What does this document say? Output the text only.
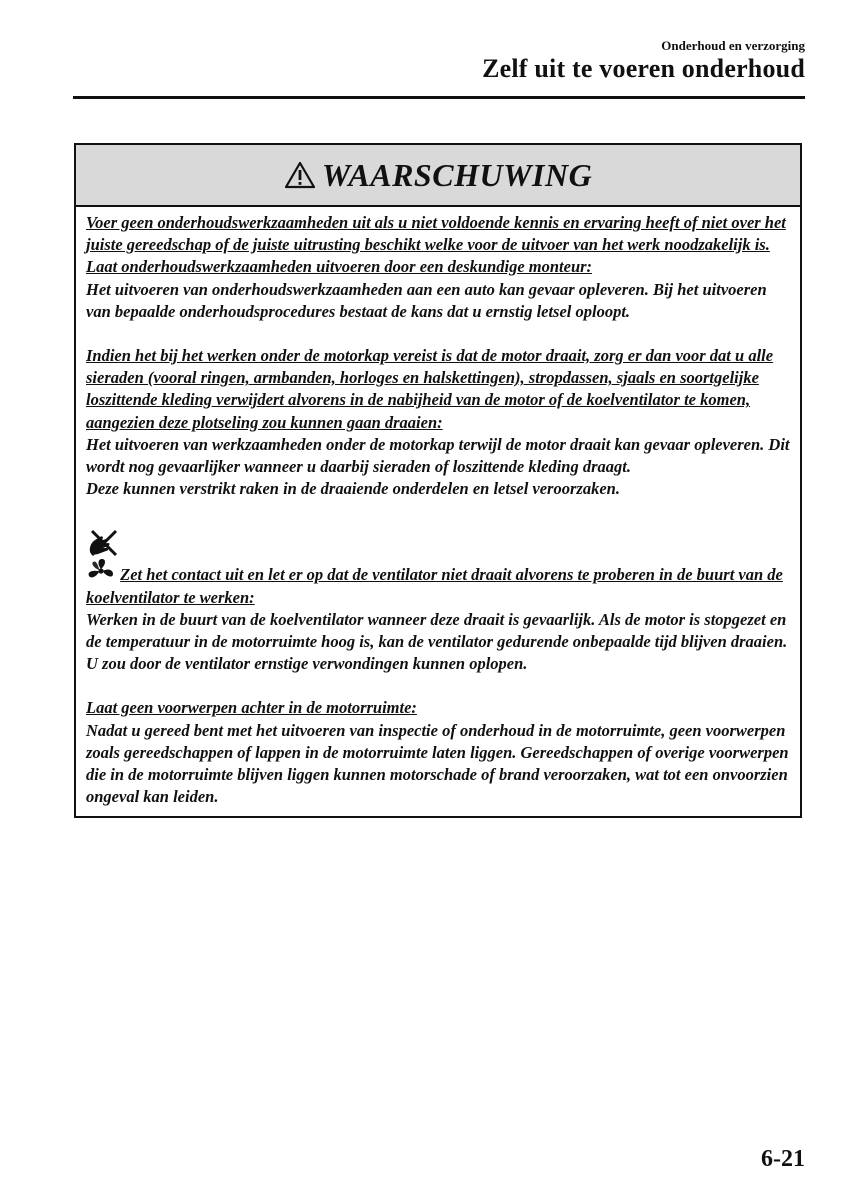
Onderhoud en verzorging
Zelf uit te voeren onderhoud
WAARSCHUWING

Voer geen onderhoudswerkzaamheden uit als u niet voldoende kennis en ervaring heeft of niet over het juiste gereedschap of de juiste uitrusting beschikt welke voor de uitvoer van het werk noodzakelijk is. Laat onderhoudswerkzaamheden uitvoeren door een deskundige monteur:

Het uitvoeren van onderhoudswerkzaamheden aan een auto kan gevaar opleveren. Bij het uitvoeren van bepaalde onderhoudsprocedures bestaat de kans dat u ernstig letsel oploopt.

Indien het bij het werken onder de motorkap vereist is dat de motor draait, zorg er dan voor dat u alle sieraden (vooral ringen, armbanden, horloges en halskettingen), stropdassen, sjaals en soortgelijke loszittende kleding verwijdert alvorens in de nabijheid van de motor of de koelventilator te komen, aangezien deze plotseling zou kunnen gaan draaien:

Het uitvoeren van werkzaamheden onder de motorkap terwijl de motor draait kan gevaar opleveren. Dit wordt nog gevaarlijker wanneer u daarbij sieraden of loszittende kleding draagt.

Deze kunnen verstrikt raken in de draaiende onderdelen en letsel veroorzaken.

Zet het contact uit en let er op dat de ventilator niet draait alvorens te proberen in de buurt van de koelventilator te werken:

Werken in de buurt van de koelventilator wanneer deze draait is gevaarlijk. Als de motor is stopgezet en de temperatuur in de motorruimte hoog is, kan de ventilator gedurende onbepaalde tijd blijven draaien. U zou door de ventilator ernstige verwondingen kunnen oplopen.

Laat geen voorwerpen achter in de motorruimte:

Nadat u gereed bent met het uitvoeren van inspectie of onderhoud in de motorruimte, geen voorwerpen zoals gereedschappen of lappen in de motorruimte laten liggen. Gereedschappen of overige voorwerpen die in de motorruimte blijven liggen kunnen motorschade of brand veroorzaken, wat tot een onvoorzien ongeval kan leiden.

6-21
